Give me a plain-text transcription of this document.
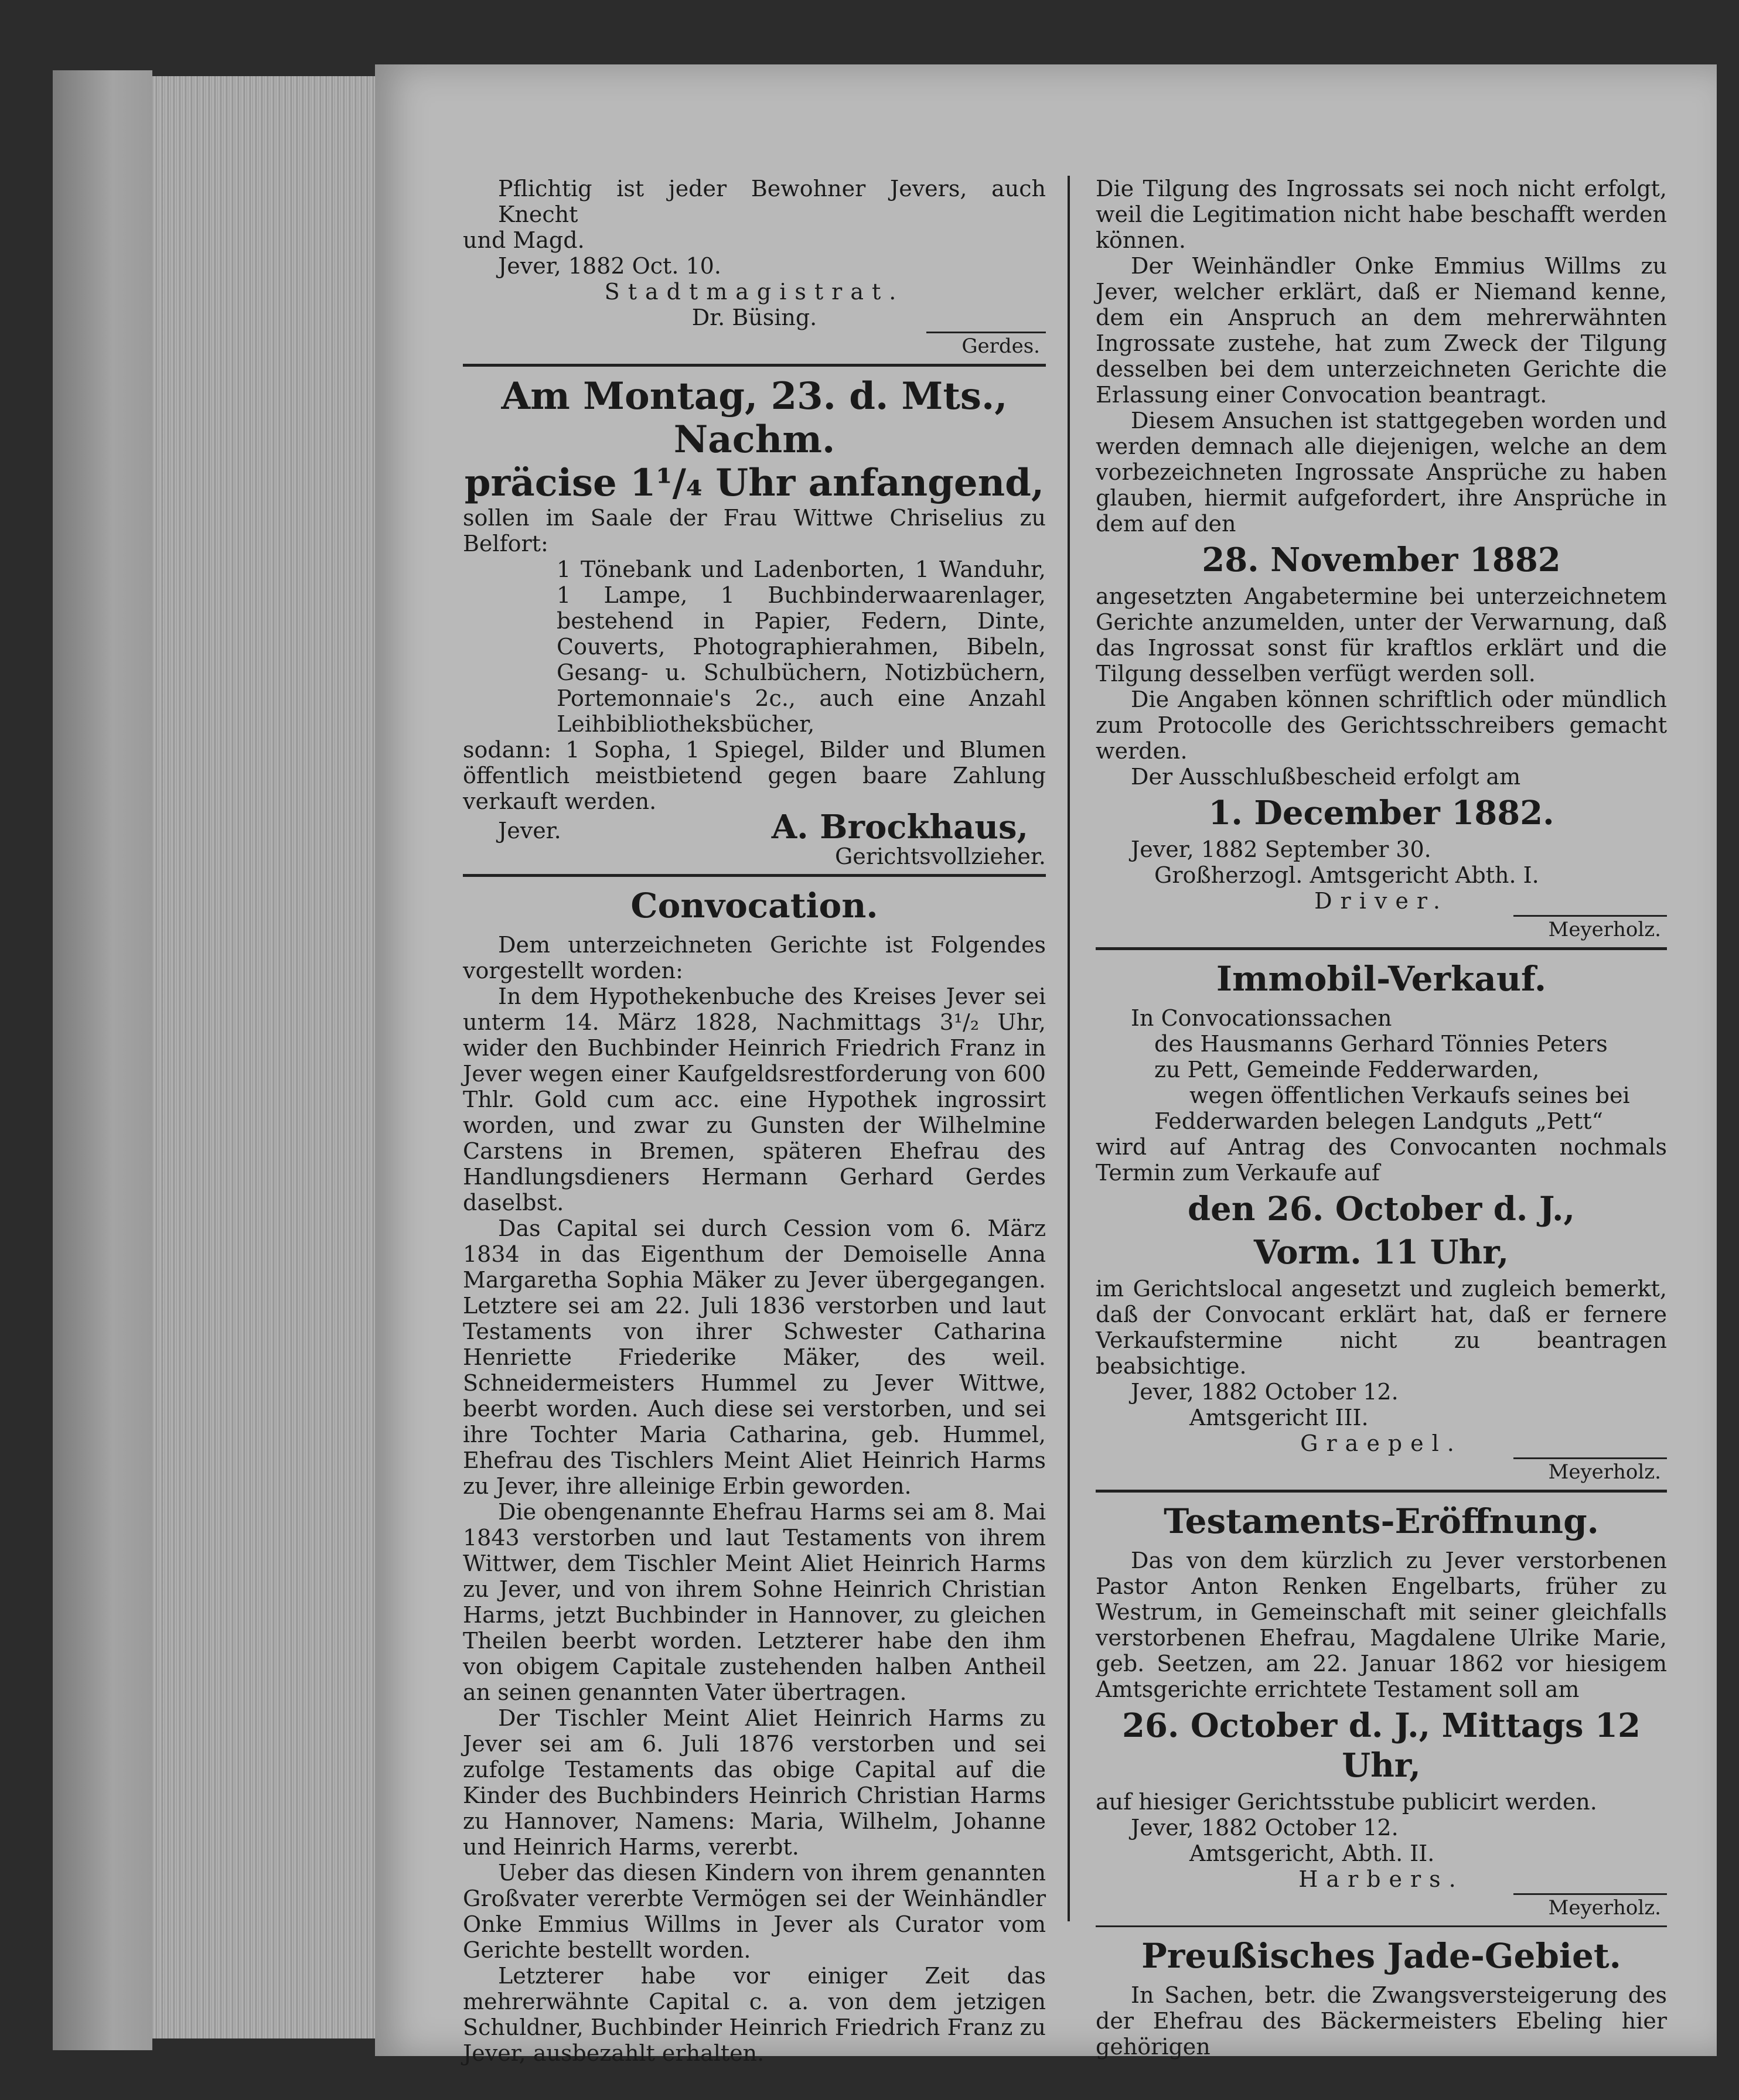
Pflichtig ist jeder Bewohner Jevers, auch Knecht

und Magd.

Jever, 1882 Oct. 10.

Stadtmagistrat.

Dr. Büsing.

Gerdes.
Am Montag, 23. d. Mts., Nachm.
präcise 1¹/₄ Uhr anfangend,

sollen im Saale der Frau Wittwe Chriselius zu Belfort:

1 Tönebank und Ladenborten, 1 Wanduhr, 1 Lampe, 1 Buchbinderwaarenlager, bestehend in Papier, Federn, Dinte, Couverts, Photographierahmen, Bibeln, Gesang- u. Schulbüchern, Notizbüchern, Portemonnaie's 2c., auch eine Anzahl Leihbibliotheksbücher,

sodann: 1 Sopha, 1 Spiegel, Bilder und Blumen öffentlich meistbietend gegen baare Zahlung verkauft werden.

Jever.	A. Brockhaus,

Gerichtsvollzieher.

Convocation.

Dem unterzeichneten Gerichte ist Folgendes vorgestellt worden:

In dem Hypothekenbuche des Kreises Jever sei unterm 14. März 1828, Nachmittags 3¹/₂ Uhr, wider den Buchbinder Heinrich Friedrich Franz in Jever wegen einer Kaufgeldsrestforderung von 600 Thlr. Gold cum acc. eine Hypothek ingrossirt worden, und zwar zu Gunsten der Wilhelmine Carstens in Bremen, späteren Ehefrau des Handlungsdieners Hermann Gerhard Gerdes daselbst.

Das Capital sei durch Cession vom 6. März 1834 in das Eigenthum der Demoiselle Anna Margaretha Sophia Mäker zu Jever übergegangen. Letztere sei am 22. Juli 1836 verstorben und laut Testaments von ihrer Schwester Catharina Henriette Friederike Mäker, des weil. Schneidermeisters Hummel zu Jever Wittwe, beerbt worden. Auch diese sei verstorben, und sei ihre Tochter Maria Catharina, geb. Hummel, Ehefrau des Tischlers Meint Aliet Heinrich Harms zu Jever, ihre alleinige Erbin geworden.

Die obengenannte Ehefrau Harms sei am 8. Mai 1843 verstorben und laut Testaments von ihrem Wittwer, dem Tischler Meint Aliet Heinrich Harms zu Jever, und von ihrem Sohne Heinrich Christian Harms, jetzt Buchbinder in Hannover, zu gleichen Theilen beerbt worden. Letzterer habe den ihm von obigem Capitale zustehenden halben Antheil an seinen genannten Vater übertragen.

Der Tischler Meint Aliet Heinrich Harms zu Jever sei am 6. Juli 1876 verstorben und sei zufolge Testaments das obige Capital auf die Kinder des Buchbinders Heinrich Christian Harms zu Hannover, Namens: Maria, Wilhelm, Johanne und Heinrich Harms, vererbt.

Ueber das diesen Kindern von ihrem genannten Großvater vererbte Vermögen sei der Weinhändler Onke Emmius Willms in Jever als Curator vom Gerichte bestellt worden.

Letzterer habe vor einiger Zeit das mehrerwähnte Capital c. a. von dem jetzigen Schuldner, Buchbinder Heinrich Friedrich Franz zu Jever, ausbezahlt erhalten.

Die Tilgung des Ingrossats sei noch nicht erfolgt, weil die Legitimation nicht habe beschafft werden können.

Der Weinhändler Onke Emmius Willms zu Jever, welcher erklärt, daß er Niemand kenne, dem ein Anspruch an dem mehrerwähnten Ingrossate zustehe, hat zum Zweck der Tilgung desselben bei dem unterzeichneten Gerichte die Erlassung einer Convocation beantragt.

Diesem Ansuchen ist stattgegeben worden und werden demnach alle diejenigen, welche an dem vorbezeichneten Ingrossate Ansprüche zu haben glauben, hiermit aufgefordert, ihre Ansprüche in dem auf den

28. November 1882

angesetzten Angabetermine bei unterzeichnetem Gerichte anzumelden, unter der Verwarnung, daß das Ingrossat sonst für kraftlos erklärt und die Tilgung desselben verfügt werden soll.

Die Angaben können schriftlich oder mündlich zum Protocolle des Gerichtsschreibers gemacht werden.

Der Ausschlußbescheid erfolgt am

1. December 1882.

Jever, 1882 September 30.

Großherzogl. Amtsgericht Abth. I.

Driver.

Meyerholz.
Immobil-Verkauf.

In Convocationssachen

des Hausmanns Gerhard Tönnies Peters

zu Pett, Gemeinde Fedderwarden,

wegen öffentlichen Verkaufs seines bei

Fedderwarden belegen Landguts „Pett“

wird auf Antrag des Convocanten nochmals Termin zum Verkaufe auf

den 26. October d. J.,
Vorm. 11 Uhr,

im Gerichtslocal angesetzt und zugleich bemerkt, daß der Convocant erklärt hat, daß er fernere Verkaufstermine nicht zu beantragen beabsichtige.

Jever, 1882 October 12.

Amtsgericht III.

Graepel.

Meyerholz.
Testaments-Eröffnung.

Das von dem kürzlich zu Jever verstorbenen Pastor Anton Renken Engelbarts, früher zu Westrum, in Gemeinschaft mit seiner gleichfalls verstorbenen Ehefrau, Magdalene Ulrike Marie, geb. Seetzen, am 22. Januar 1862 vor hiesigem Amtsgerichte errichtete Testament soll am

26. October d. J., Mittags 12 Uhr,

auf hiesiger Gerichtsstube publicirt werden.

Jever, 1882 October 12.

Amtsgericht, Abth. II.

Harbers.

Meyerholz.
Preußisches Jade-Gebiet.

In Sachen, betr. die Zwangsversteigerung des der Ehefrau des Bäckermeisters Ebeling hier gehörigen
